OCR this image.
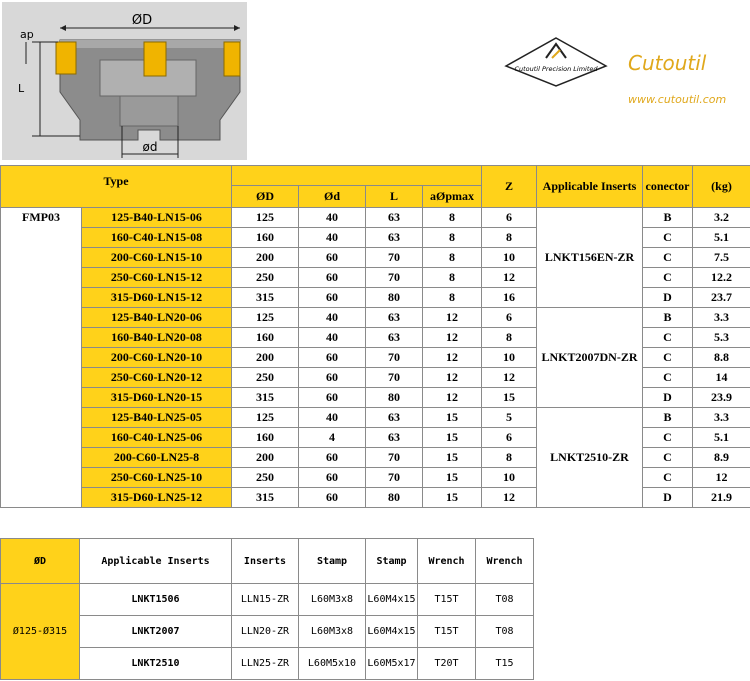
ØD
L
ap
ød
Cutoutil Precision Limited Cutoutil
www.cutoutil.com
Type						Z	Applicable Inserts	conector	(kg)
		ØD	Ød	L	aØpmax				
FMP03	125-B40-LN15-06	125	40	63	8	6	LNKT156EN-ZR	B	3.2
	160-C40-LN15-08	160	40	63	8	8		C	5.1
	200-C60-LN15-10	200	60	70	8	10		C	7.5
	250-C60-LN15-12	250	60	70	8	12		C	12.2
	315-D60-LN15-12	315	60	80	8	16		D	23.7
	125-B40-LN20-06	125	40	63	12	6	LNKT2007DN-ZR	B	3.3
	160-B40-LN20-08	160	40	63	12	8		C	5.3
	200-C60-LN20-10	200	60	70	12	10		C	8.8
	250-C60-LN20-12	250	60	70	12	12		C	14
	315-D60-LN20-15	315	60	80	12	15		D	23.9
	125-B40-LN25-05	125	40	63	15	5	LNKT2510-ZR	B	3.3
	160-C40-LN25-06	160	4	63	15	6		C	5.1
	200-C60-LN25-8	200	60	70	15	8		C	8.9
	250-C60-LN25-10	250	60	70	15	10		C	12
	315-D60-LN25-12	315	60	80	15	12		D	21.9
ØD	Applicable Inserts	Inserts	Stamp	Stamp	Wrench	Wrench
Ø125-Ø315	LNKT1506	LLN15-ZR	L60M3x8	L60M4x15	T15T	T08
	LNKT2007	LLN20-ZR	L60M3x8	L60M4x15	T15T	T08
	LNKT2510	LLN25-ZR	L60M5x10	L60M5x17	T20T	T15
